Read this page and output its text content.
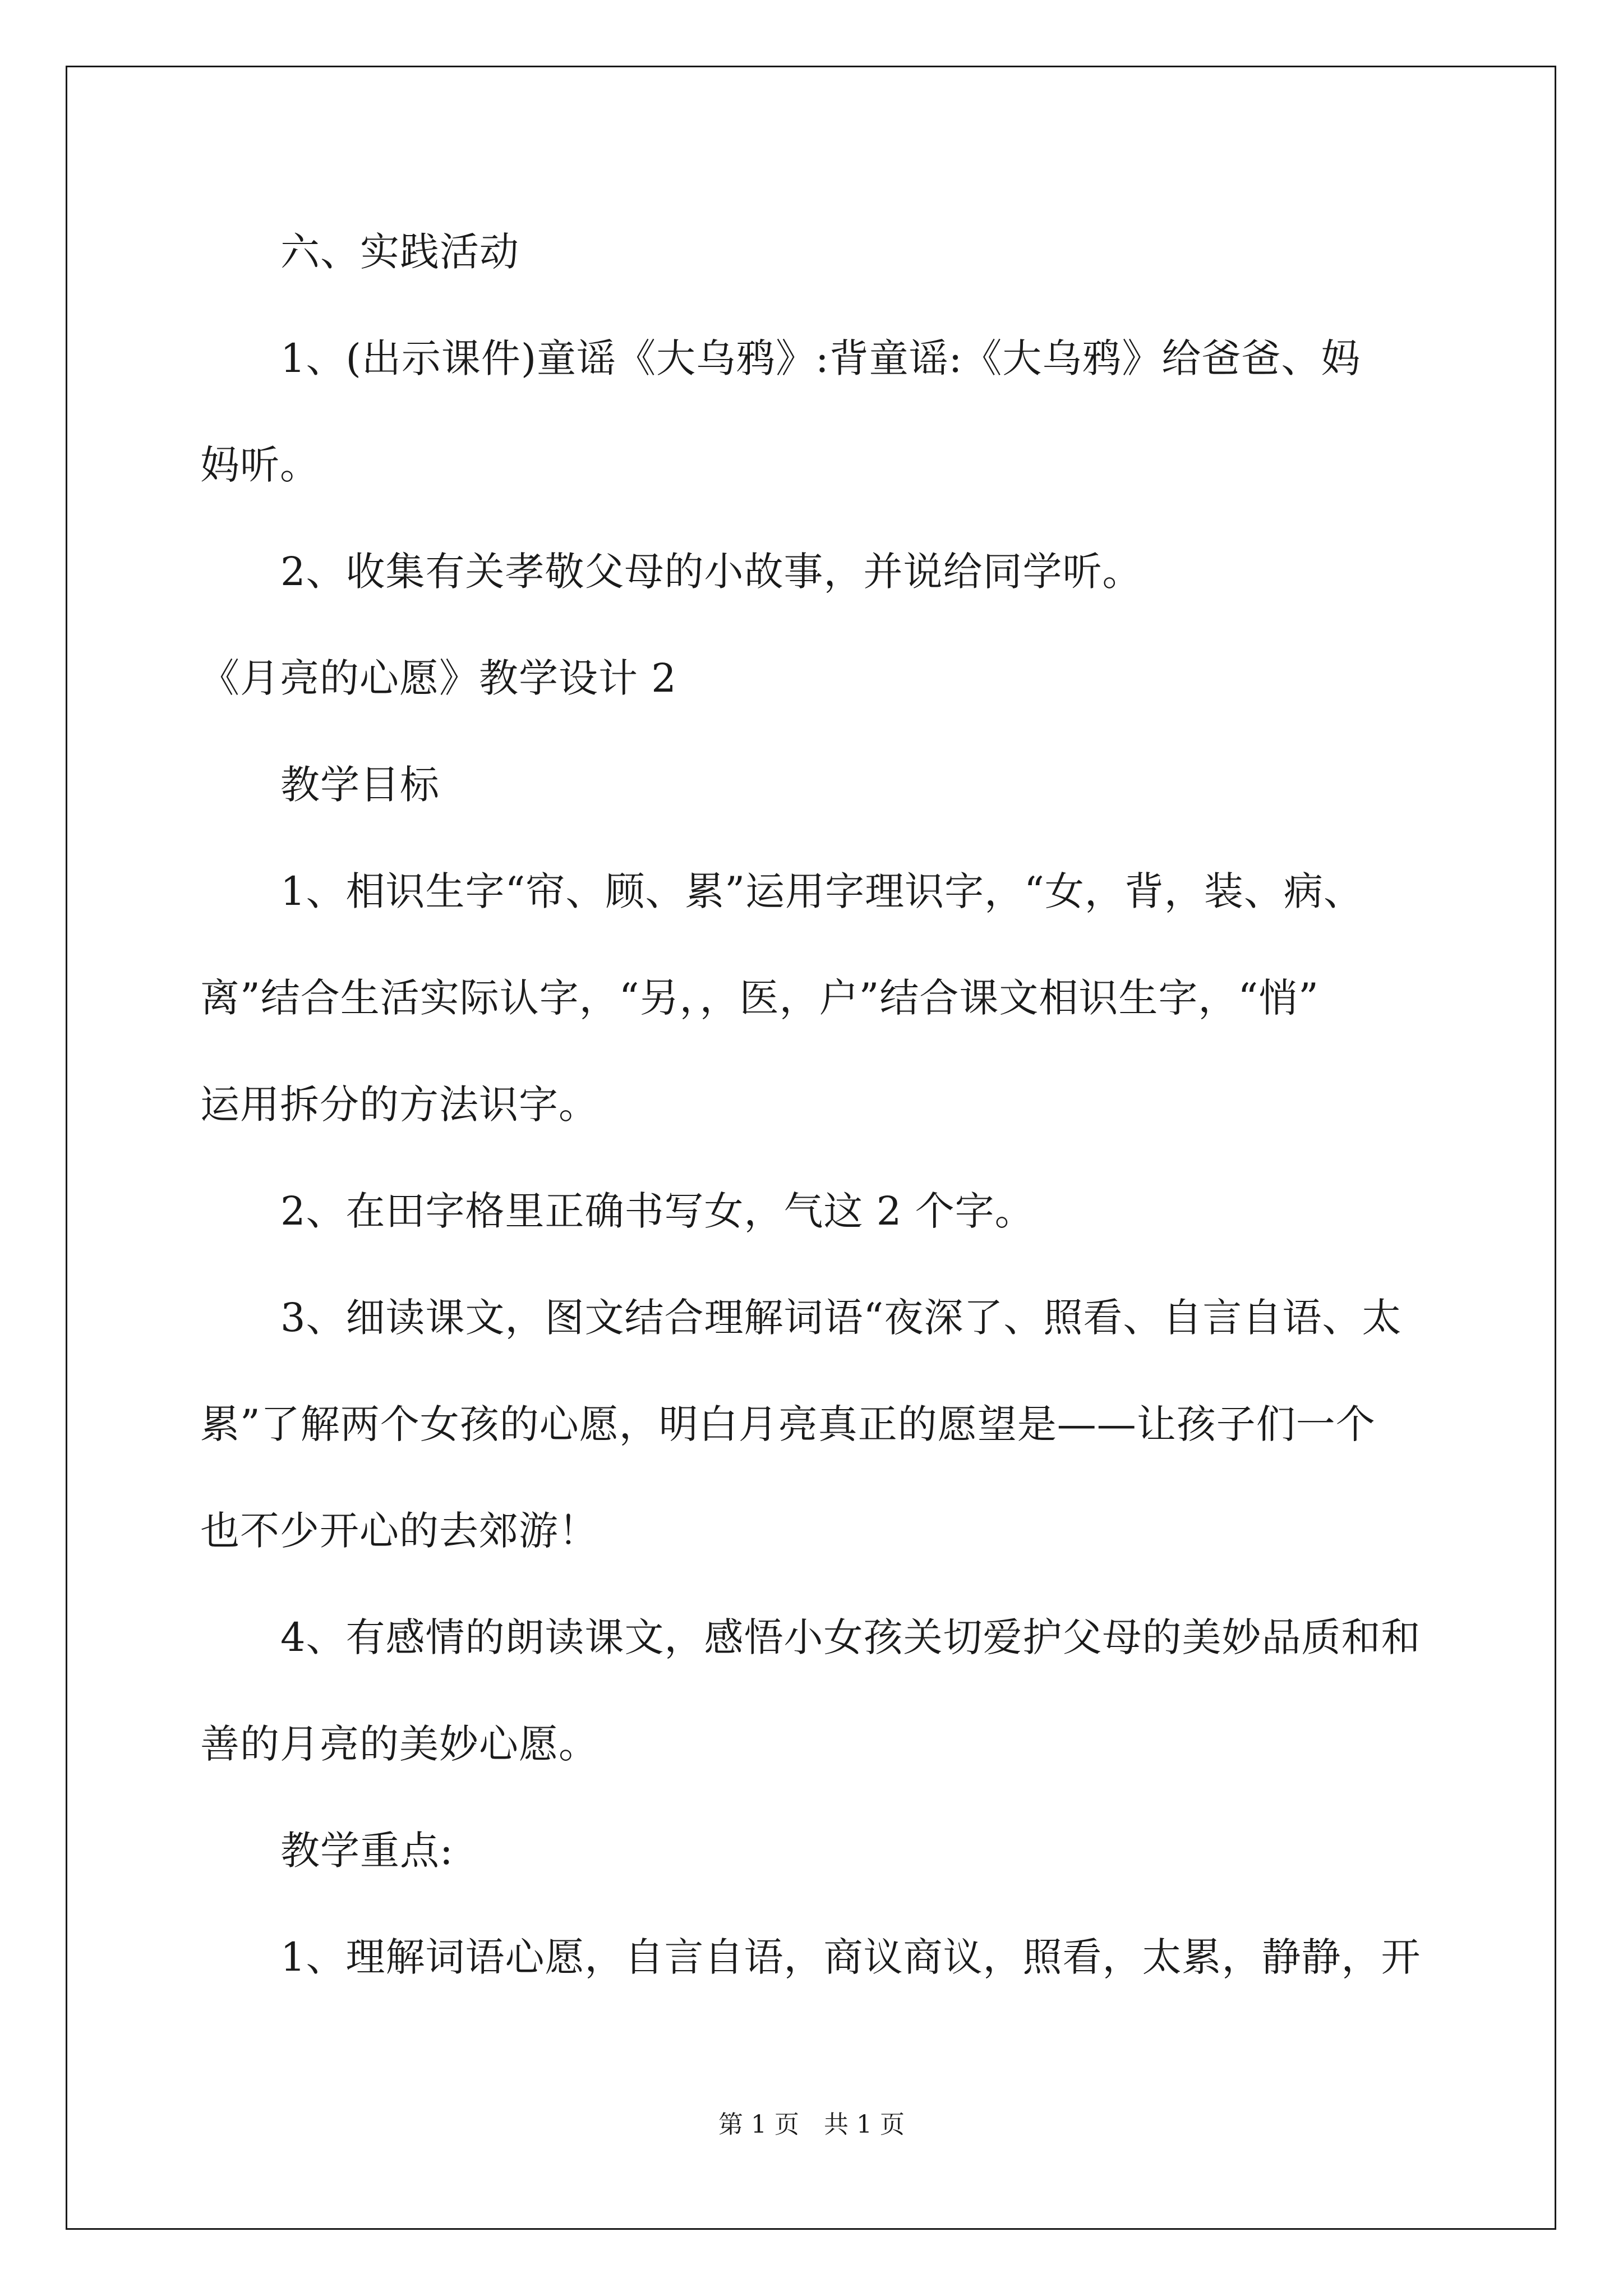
六、实践活动
1、(出示课件)童谣《大乌鸦》:背童谣:《大乌鸦》给爸爸、妈
妈听。
2、收集有关孝敬父母的小故事，并说给同学听。
《月亮的心愿》教学设计 2
教学目标
1、相识生字“帘、顾、累”运用字理识字，“女，背，装、病、
离”结合生活实际认字，“另，，医，户”结合课文相识生字，“悄”
运用拆分的方法识字。
2、在田字格里正确书写女，气这 2 个字。
3、细读课文，图文结合理解词语“夜深了、照看、自言自语、太
累”了解两个女孩的心愿，明白月亮真正的愿望是——让孩子们一个
也不少开心的去郊游！
4、有感情的朗读课文，感悟小女孩关切爱护父母的美妙品质和和
善的月亮的美妙心愿。
教学重点:
1、理解词语心愿，自言自语，商议商议，照看，太累，静静，开
第 1 页　共 1 页
